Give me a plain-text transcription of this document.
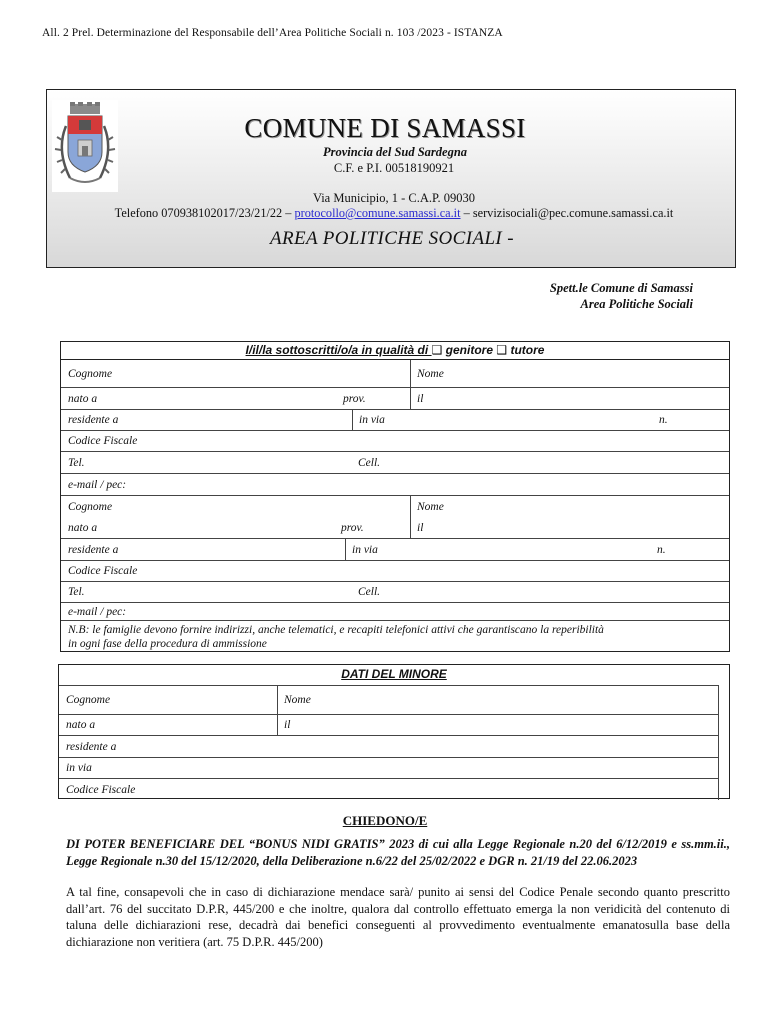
All. 2 Prel. Determinazione del Responsabile dell’Area Politiche Sociali n. 103 /2023 - ISTANZA
COMUNE DI SAMASSI
Provincia del Sud Sardegna
C.F. e P.I. 00518190921
Via Municipio, 1 - C.A.P. 09030
Telefono 070938102017/23/21/22 – protocollo@comune.samassi.ca.it – servizisociali@pec.comune.samassi.ca.it
AREA POLITICHE SOCIALI -
Spett.le Comune di Samassi
Area Politiche Sociali
I/il/la sottoscritti/o/a in qualità di ❑ genitore ❑ tutore
Cognome	Nome
nato a	prov.	il
residente a	in via	n.
Codice Fiscale
Tel.	Cell.
e-mail / pec:
Cognome	Nome
nato a	prov.	il
residente a	in via	n.
Codice Fiscale
Tel.	Cell.
e-mail / pec:
N.B: le famiglie devono fornire indirizzi, anche telematici, e recapiti telefonici attivi che garantiscano la reperibilità
in ogni fase della procedura di ammissione
DATI DEL MINORE
Cognome	Nome
nato a	il
residente a
in via
Codice Fiscale
CHIEDONO/E
DI POTER BENEFICIARE DEL “BONUS NIDI GRATIS” 2023 di cui alla Legge Regionale n.20 del 6/12/2019 e ss.mm.ii., Legge Regionale n.30 del 15/12/2020, della Deliberazione n.6/22 del 25/02/2022 e DGR n. 21/19 del 22.06.2023
A tal fine, consapevoli che in caso di dichiarazione mendace sarà/ punito ai sensi del Codice Penale secondo quanto prescritto dall’art. 76 del succitato D.P.R, 445/200 e che inoltre, qualora dal controllo effettuato emerga la non veridicità del contenuto di taluna delle dichiarazioni rese, decadrà dai benefici conseguenti al provvedimento eventualmente emanatosulla base della dichiarazione non veritiera (art. 75 D.P.R. 445/200)
